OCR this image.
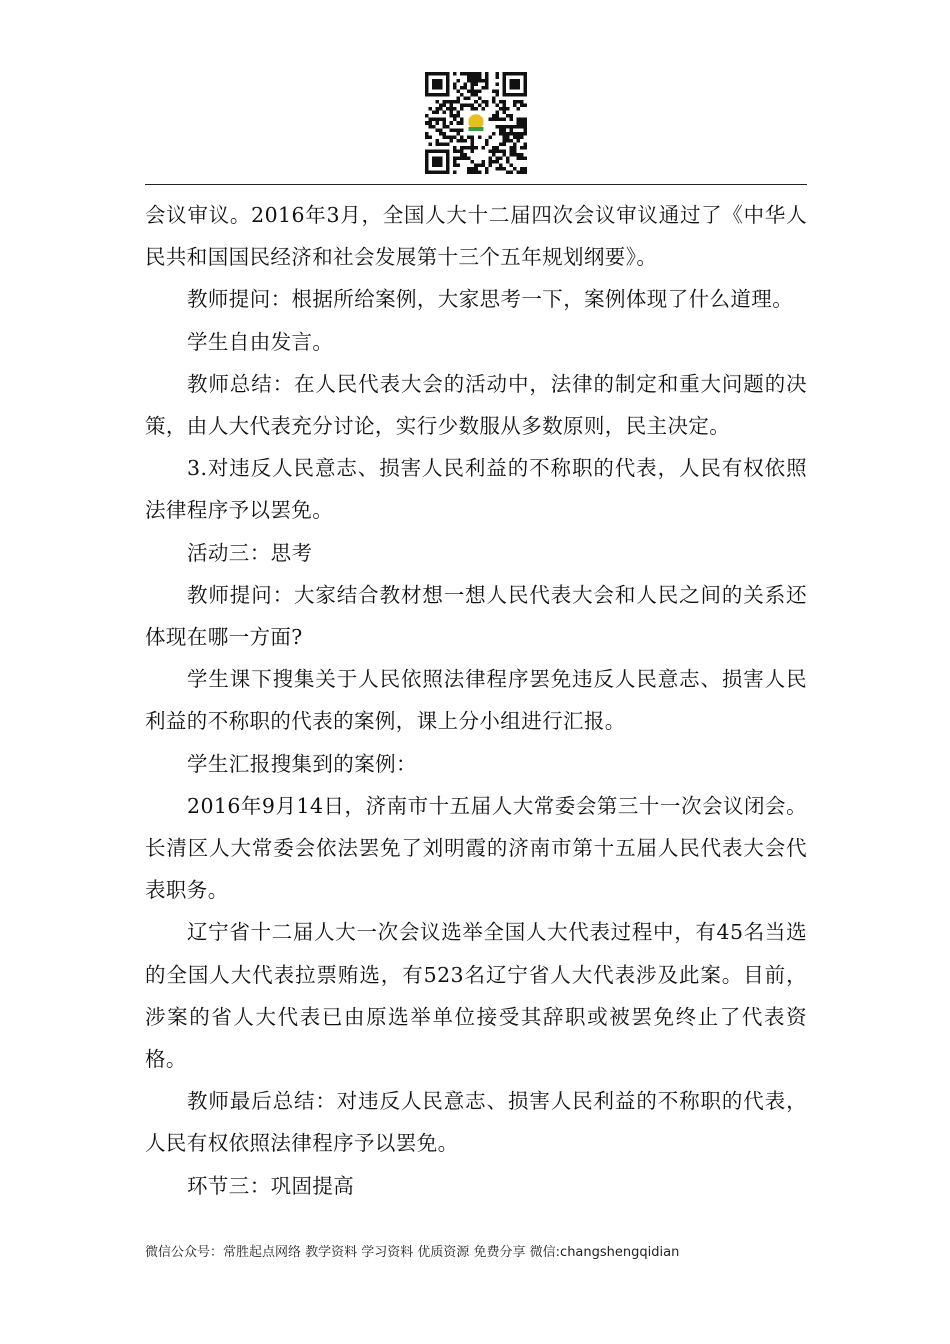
会议审议。2016年3月，全国人大十二届四次会议审议通过了《中华人民共和国国民经济和社会发展第十三个五年规划纲要》。

教师提问：根据所给案例，大家思考一下，案例体现了什么道理。

学生自由发言。

教师总结：在人民代表大会的活动中，法律的制定和重大问题的决策，由人大代表充分讨论，实行少数服从多数原则，民主决定。

3.对违反人民意志、损害人民利益的不称职的代表，人民有权依照法律程序予以罢免。

活动三：思考

教师提问：大家结合教材想一想人民代表大会和人民之间的关系还体现在哪一方面?

学生课下搜集关于人民依照法律程序罢免违反人民意志、损害人民利益的不称职的代表的案例，课上分小组进行汇报。

学生汇报搜集到的案例：

2016年9月14日，济南市十五届人大常委会第三十一次会议闭会。长清区人大常委会依法罢免了刘明霞的济南市第十五届人民代表大会代表职务。

辽宁省十二届人大一次会议选举全国人大代表过程中，有45名当选的全国人大代表拉票贿选，有523名辽宁省人大代表涉及此案。目前，涉案的省人大代表已由原选举单位接受其辞职或被罢免终止了代表资格。

教师最后总结：对违反人民意志、损害人民利益的不称职的代表，人民有权依照法律程序予以罢免。

环节三：巩固提高

微信公众号：常胜起点网络 教学资料 学习资料 优质资源 免费分享 微信:changshengqidian
